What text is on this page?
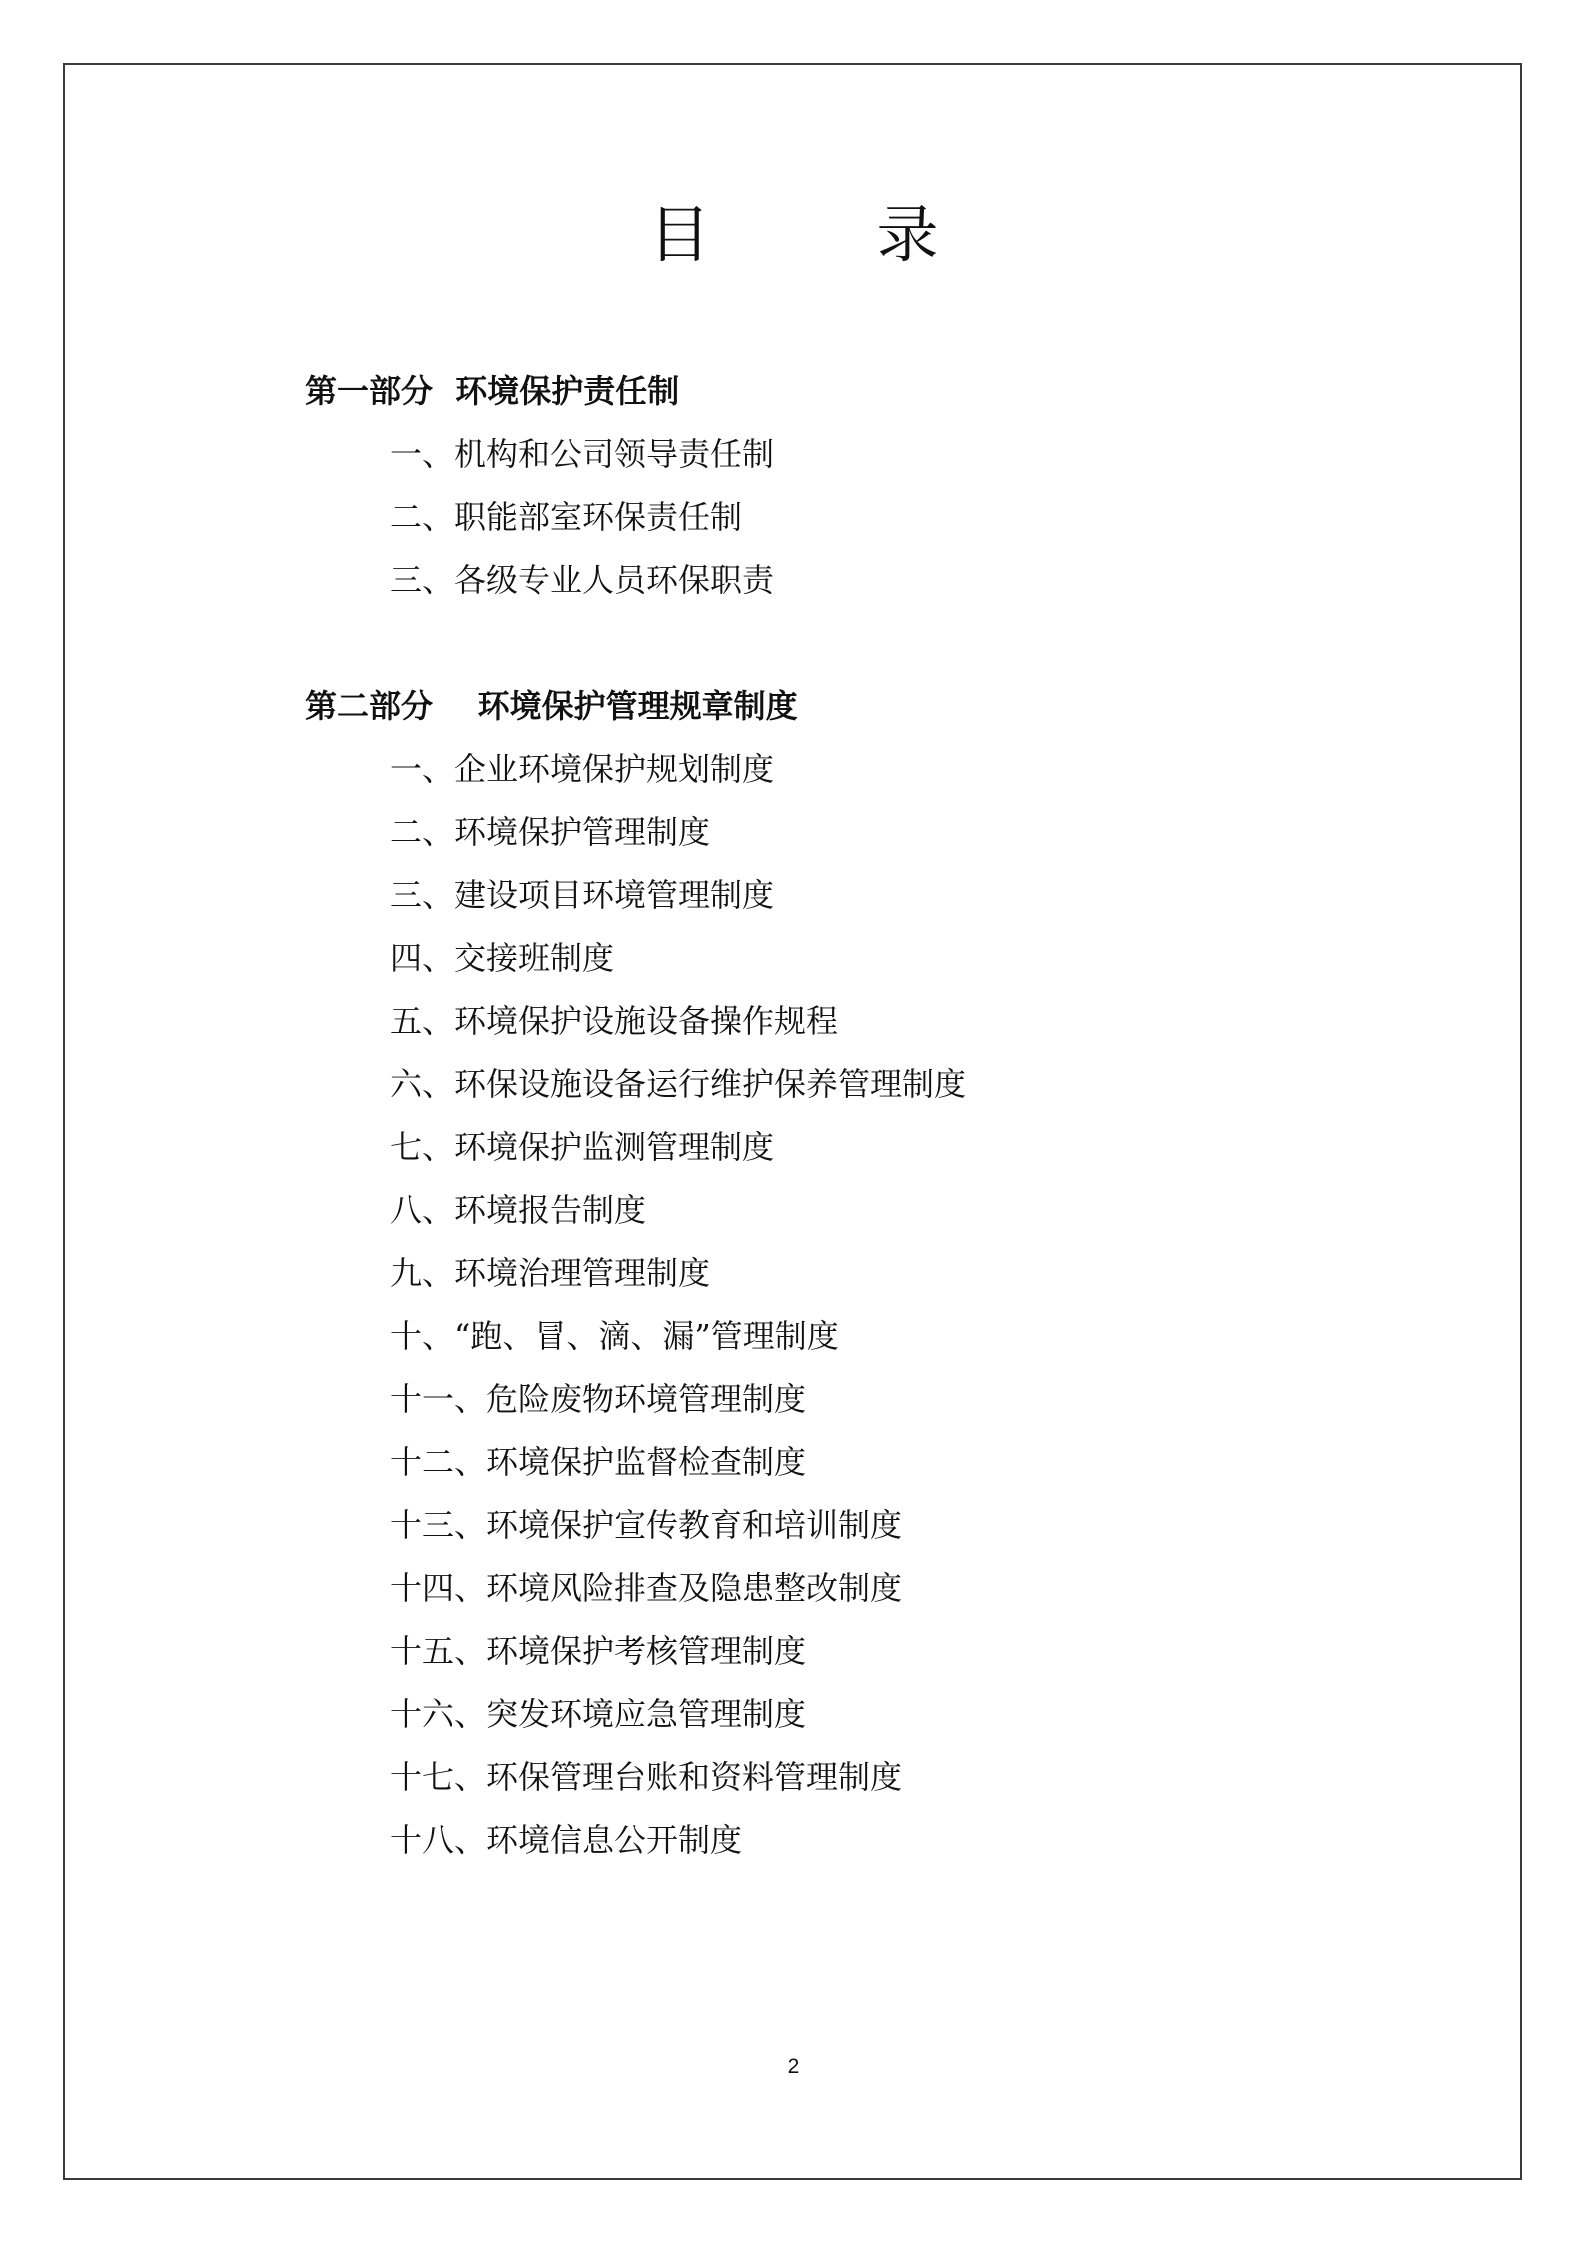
目　录
第一部分  环境保护责任制
一、机构和公司领导责任制
二、职能部室环保责任制
三、各级专业人员环保职责
第二部分    环境保护管理规章制度
一、企业环境保护规划制度
二、环境保护管理制度
三、建设项目环境管理制度
四、交接班制度
五、环境保护设施设备操作规程
六、环保设施设备运行维护保养管理制度
七、环境保护监测管理制度
八、环境报告制度
九、环境治理管理制度
十、“跑、冒、滴、漏”管理制度
十一、危险废物环境管理制度
十二、环境保护监督检查制度
十三、环境保护宣传教育和培训制度
十四、环境风险排查及隐患整改制度
十五、环境保护考核管理制度
十六、突发环境应急管理制度
十七、环保管理台账和资料管理制度
十八、环境信息公开制度
2
